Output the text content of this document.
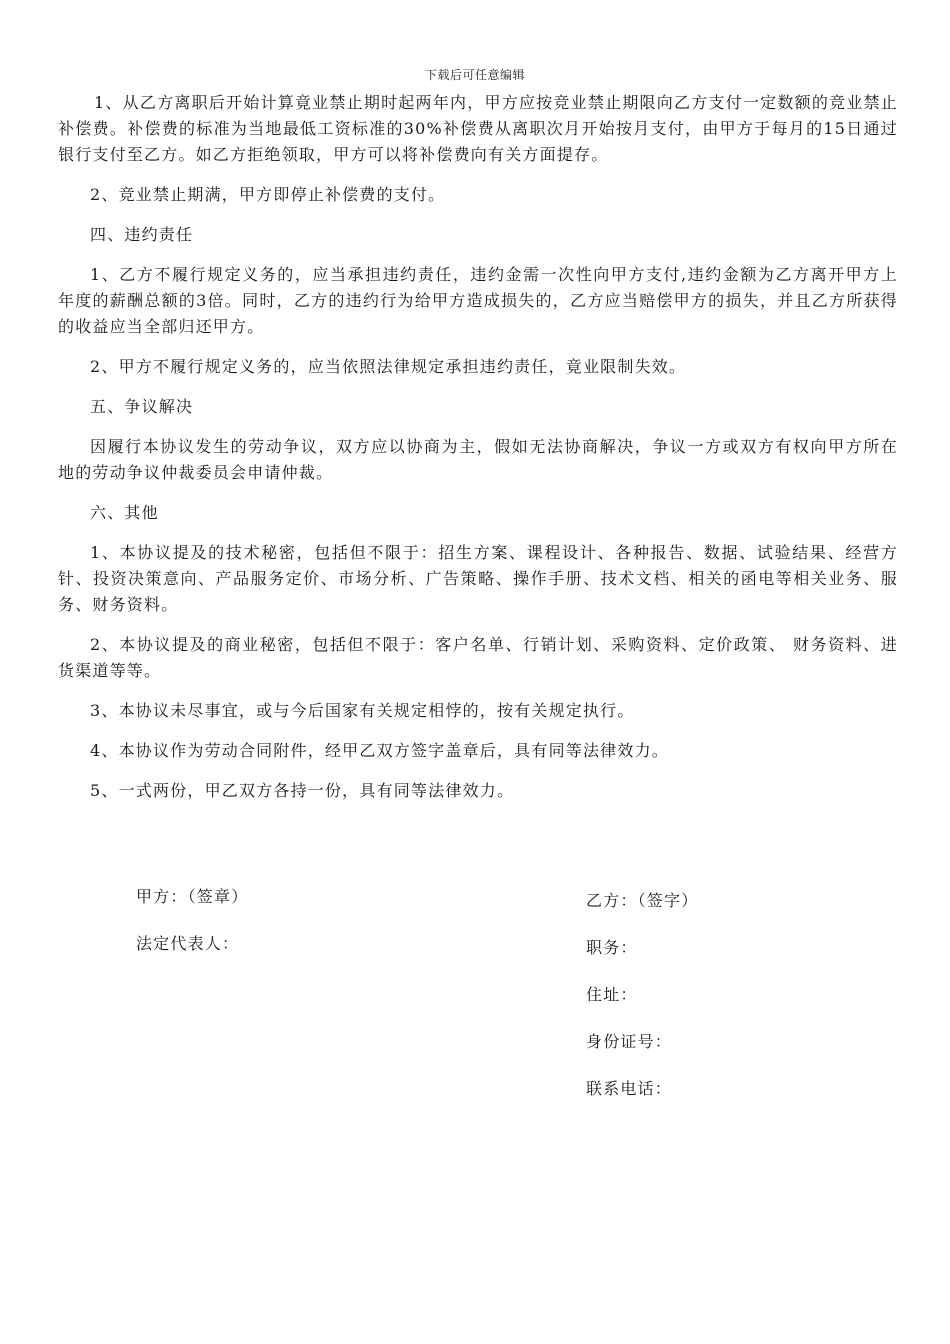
下载后可任意编辑

1、从乙方离职后开始计算竟业禁止期时起两年内，甲方应按竞业禁止期限向乙方支付一定数额的竞业禁止补偿费。补偿费的标准为当地最低工资标准的30%补偿费从离职次月开始按月支付，由甲方于每月的15日通过银行支付至乙方。如乙方拒绝领取，甲方可以将补偿费向有关方面提存。

2、竞业禁止期满，甲方即停止补偿费的支付。

四、违约责任

1、乙方不履行规定义务的，应当承担违约责任，违约金需一次性向甲方支付,违约金额为乙方离开甲方上年度的薪酬总额的3倍。同时，乙方的违约行为给甲方造成损失的，乙方应当赔偿甲方的损失，并且乙方所获得的收益应当全部归还甲方。

2、甲方不履行规定义务的，应当依照法律规定承担违约责任，竟业限制失效。

五、争议解决

因履行本协议发生的劳动争议，双方应以协商为主，假如无法协商解决，争议一方或双方有权向甲方所在地的劳动争议仲裁委员会申请仲裁。

六、其他

1、本协议提及的技术秘密，包括但不限于：招生方案、课程设计、各种报告、数据、试验结果、经营方针、投资决策意向、产品服务定价、市场分析、广告策略、操作手册、技术文档、相关的函电等相关业务、服务、财务资料。

2、本协议提及的商业秘密，包括但不限于：客户名单、行销计划、采购资料、定价政策、 财务资料、进货渠道等等。

3、本协议未尽事宜，或与今后国家有关规定相悖的，按有关规定执行。

4、本协议作为劳动合同附件，经甲乙双方签字盖章后，具有同等法律效力。

5、一式两份，甲乙双方各持一份，具有同等法律效力。

甲方：（签章）
法定代表人：
乙方：（签字）
职务：
住址：
身份证号：
联系电话：
